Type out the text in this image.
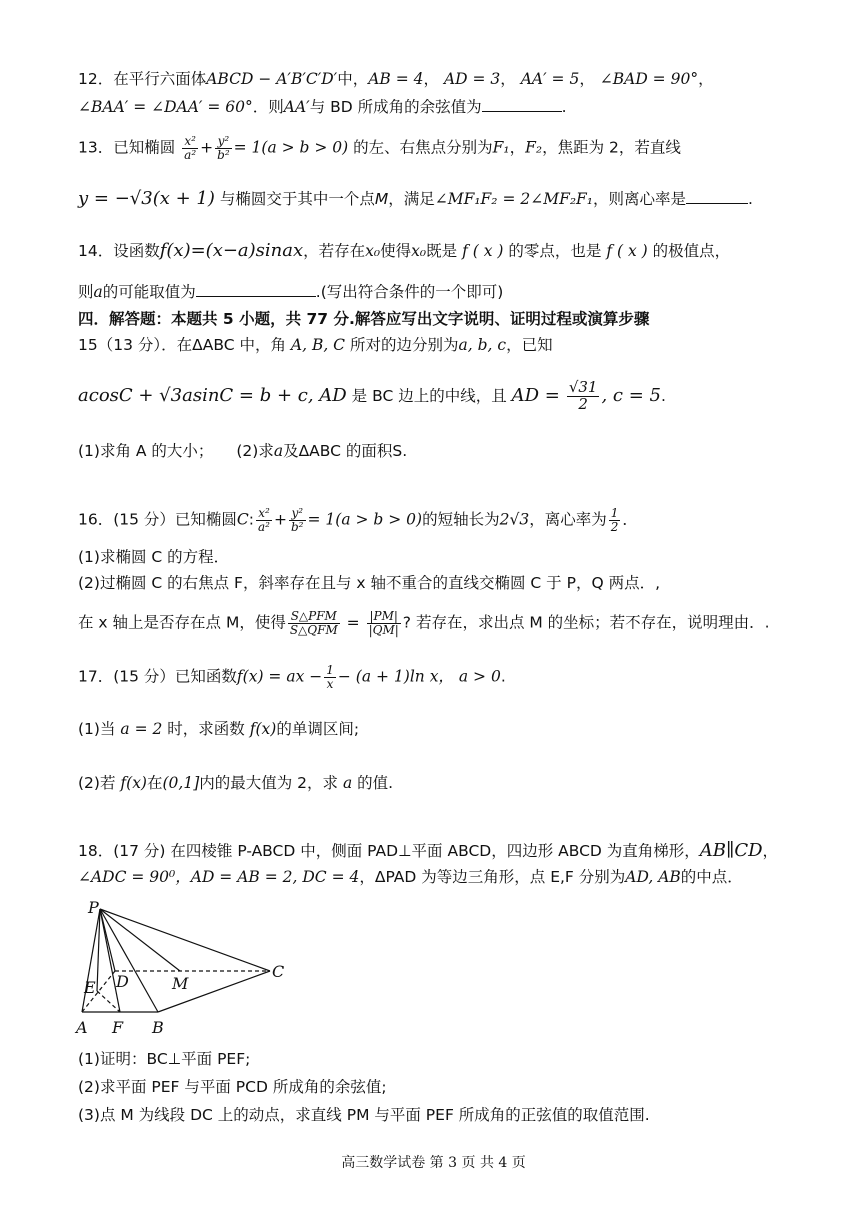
12．在平行六面体ABCD − A′B′C′D′中，AB = 4， AD = 3， AA′ = 5， ∠BAD = 90°，
∠BAA′ = ∠DAA′ = 60°．则AA′与 BD 所成角的余弦值为	.
13．已知椭圆 $\frac{\text{x²}}{\text{a²}} + \frac{\text{y²}}{\text{b²}} = 1(a > b > 0)$ 的左、右焦点分别为F₁，F₂，焦距为 2，若直线
y = −√3(x + 1) 与椭圆交于其中一个点M，满足∠MF₁F₂ = 2∠MF₂F₁，则离心率是	.
14．设函数f(x)=(x−a)sinax，若存在x₀使得x₀既是 f ( x ) 的零点，也是 f ( x ) 的极值点，
则a的可能取值为	.(写出符合条件的一个即可)
四．解答题：本题共 5 小题，共 77 分.解答应写出文字说明、证明过程或演算步骤
15（13 分）．在ΔABC 中，角 A, B, C 所对的边分别为a, b, c，已知
acosC + √3asinC = b + c, AD 是 BC 边上的中线，且 AD = $\frac{√31}{2}$ , c = 5.
(1)求角 A 的大小； (2)求a及ΔABC 的面积S.
16．(15 分）已知椭圆C: $\frac{\text{x²}}{\text{a²}} + \frac{\text{y²}}{\text{b²}} = 1(a > b > 0)$的短轴长为2√3，离心率为 $\frac{1}{2}$ ．
(1)求椭圆 C 的方程．
(2)过椭圆 C 的右焦点 F，斜率存在且与 x 轴不重合的直线交椭圆 C 于 P，Q 两点．,
在 x 轴上是否存在点 M，使得 $\frac{\text{S△PFM}}{\text{S△QFM}} = \frac{|PM|}{|QM|}$ ? 若存在，求出点 M 的坐标；若不存在，说明理由．.
17．(15 分）已知函数f(x) = ax − $\frac{1}{x} - (a + 1)\ln$ x， a > 0.
(1)当 a = 2 时，求函数 f(x)的单调区间;
(2)若 f(x)在(0,1]内的最大值为 2，求 a 的值.
18．(17 分) 在四棱锥 P-ABCD 中，侧面 PAD⊥平面 ABCD，四边形 ABCD 为直角梯形，AB∥CD，
∠ADC = 90⁰，AD = AB = 2, DC = 4，ΔPAD 为等边三角形，点 E,F 分别为AD, AB的中点．
P
C
E D	M
A F B
(1)证明：BC⊥平面 PEF;
(2)求平面 PEF 与平面 PCD 所成角的余弦值;
(3)点 M 为线段 DC 上的动点，求直线 PM 与平面 PEF 所成角的正弦值的取值范围.
高三数学试卷 第 3 页 共 4 页
